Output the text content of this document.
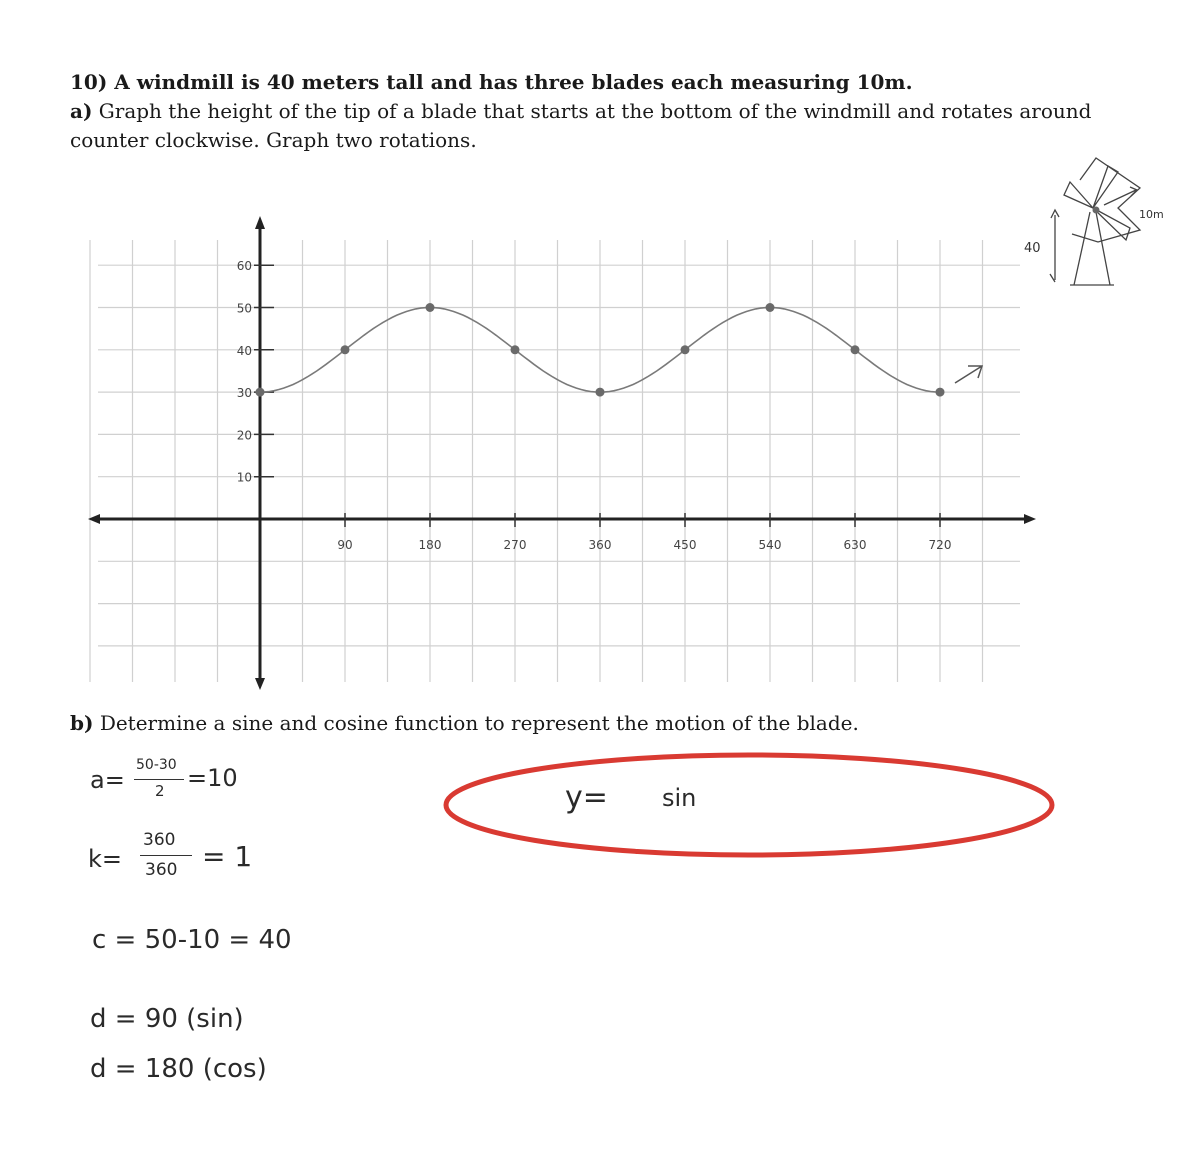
10) A windmill is 40 meters tall and has three blades each measuring 10m.
a) Graph the height of the tip of a blade that starts at the bottom of the windmill and rotates around counter clockwise. Graph two rotations.
b) Determine a sine and cosine function to represent the motion of the blade.
60
50
40
30
20
10
90	180	270	360	450	540	630	720
40
10m
a=
50-30
2 =10
k=
360
360 = 1
c = 50-10 = 40
d = 90 (sin)
d = 180 (cos)
y= sin
